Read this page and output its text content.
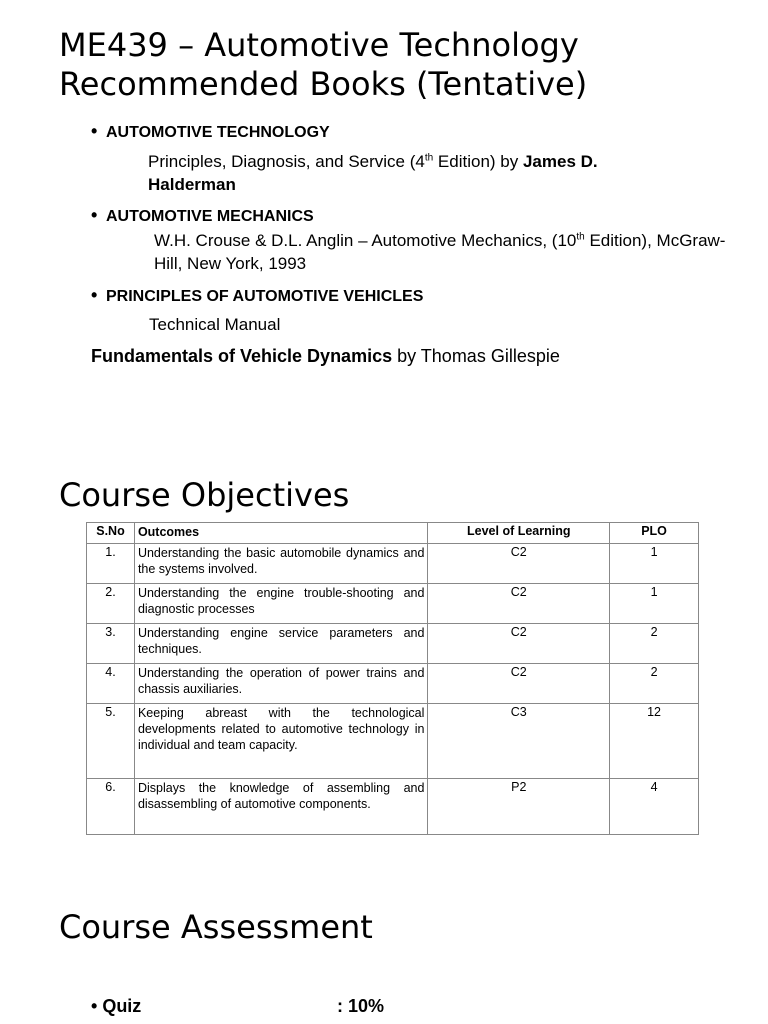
ME439 – Automotive Technology
Recommended Books (Tentative)
• AUTOMOTIVE TECHNOLOGY
Principles, Diagnosis, and Service (4th Edition) by James D. Halderman
• AUTOMOTIVE MECHANICS
W.H. Crouse & D.L. Anglin – Automotive Mechanics, (10th Edition), McGraw-Hill, New York, 1993
• PRINCIPLES OF AUTOMOTIVE VEHICLES
Technical Manual
Fundamentals of Vehicle Dynamics by Thomas Gillespie
Course Objectives
S.No	Outcomes	Level of Learning	PLO
1.	Understanding the basic automobile dynamics and the systems involved.	C2	1
2.	Understanding the engine trouble-shooting and diagnostic processes	C2	1
3.	Understanding engine service parameters and techniques.	C2	2
4.	Understanding the operation of power trains and chassis auxiliaries.	C2	2
5.	Keeping abreast with the technological developments related to automotive technology in individual and team capacity.	C3	12
6.	Displays the knowledge of assembling and disassembling of automotive components.	P2	4
Course Assessment
• Quiz	: 10%
